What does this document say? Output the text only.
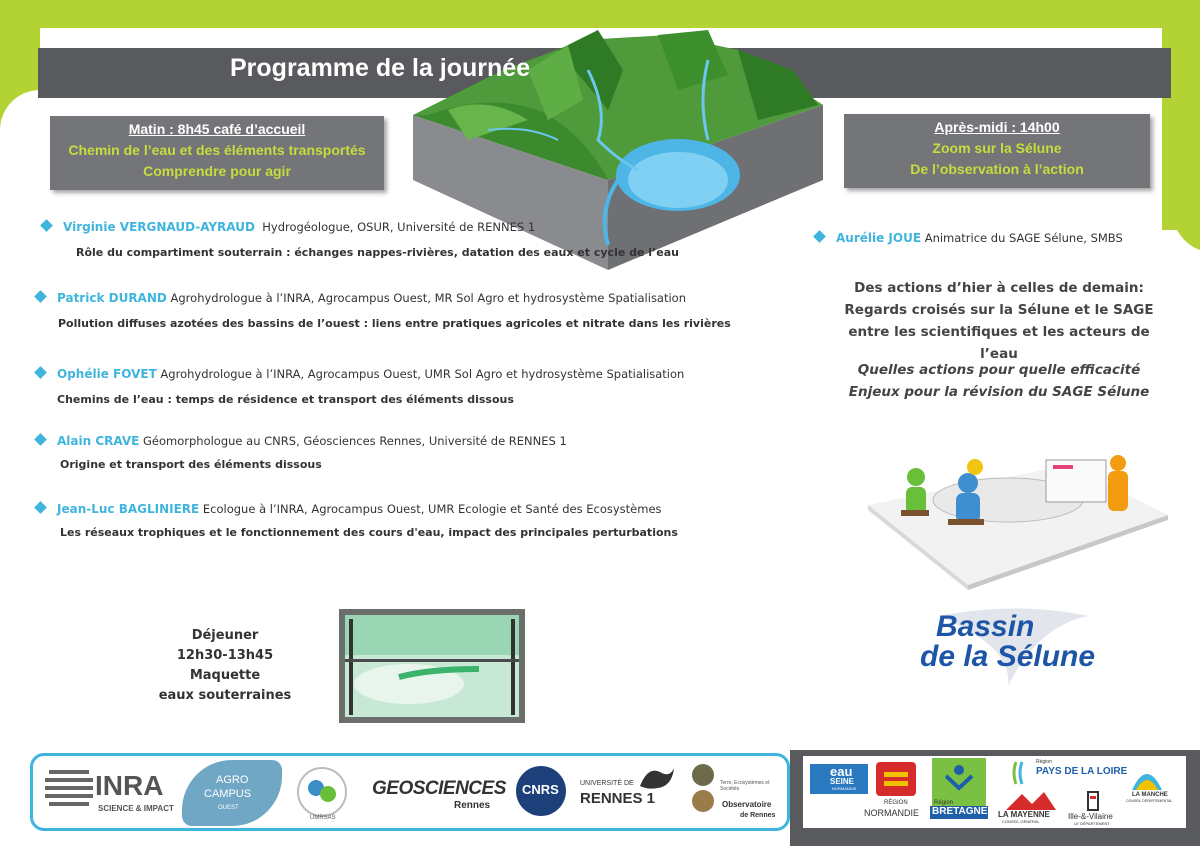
Programme de la journée
Matin : 8h45 café d’accueil
Chemin de l’eau et des éléments transportés
Comprendre pour agir
Après-midi : 14h00
Zoom sur la Sélune
De l’observation à l’action
Virginie VERGNAUD-AYRAUD Hydrogéologue, OSUR, Université de RENNES 1
Rôle du compartiment souterrain : échanges nappes-rivières, datation des eaux et cycle de l’eau
Patrick DURAND Agrohydrologue à l’INRA, Agrocampus Ouest, MR Sol Agro et hydrosystème Spatialisation
Pollution diffuses azotées des bassins de l’ouest : liens entre pratiques agricoles et nitrate dans les rivières
Ophélie FOVET Agrohydrologue à l’INRA, Agrocampus Ouest, UMR Sol Agro et hydrosystème Spatialisation
Chemins de l’eau : temps de résidence et transport des éléments dissous
Alain CRAVE Géomorphologue au CNRS, Géosciences Rennes, Université de RENNES 1
Origine et transport des éléments dissous
Jean-Luc BAGLINIERE Ecologue à l’INRA, Agrocampus Ouest, UMR Ecologie et Santé des Ecosystèmes
Les réseaux trophiques et le fonctionnement des cours d'eau, impact des principales perturbations
Aurélie JOUE Animatrice du SAGE Sélune, SMBS
Des actions d’hier à celles de demain:
Regards croisés sur la Sélune et le SAGE
entre les scientifiques et les acteurs de l’eau
Quelles actions pour quelle efficacité
Enjeux pour la révision du SAGE Sélune
Déjeuner
12h30-13h45
Maquette
eaux souterraines
Bassin
de la Sélune
INRA
SCIENCE & IMPACT
AGRO
CAMPUS
OUEST
UMRSAS
GEOSCIENCES
Rennes
CNRS	UNIVERSITÉ DE
RENNES 1
Terre, Ecosystèmes et Sociétés
Observatoire
de Rennes
eau
SEINE
NORMANDIE
RÉGION
NORMANDIE
Région
BRETAGNE
Région
PAYS DE LA LOIRE
LA MAYENNE
CONSEIL GÉNÉRAL
Ille-&-Vilaine
LE DÉPARTEMENT
LA MANCHE
CONSEIL DÉPARTEMENTAL
